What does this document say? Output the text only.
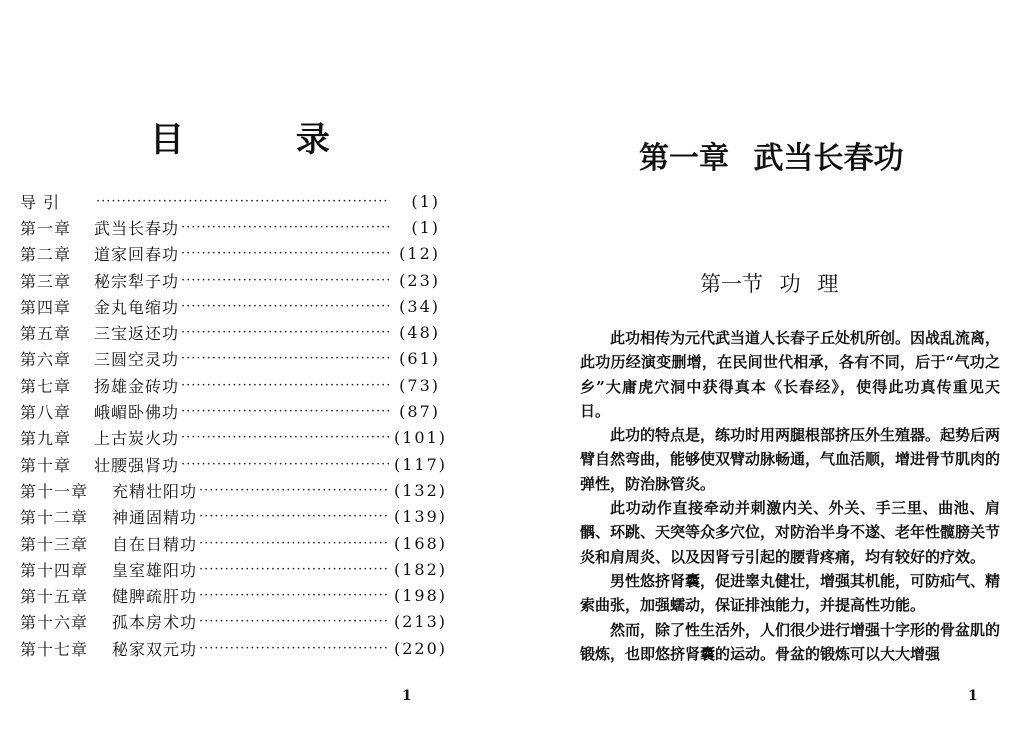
目 录
导 引 ·····	(1)
第一章	武当长春功 ·····	(1)
第二章	道家回春功 ·····	(12)
第三章	秘宗犁子功 ·····	(23)
第四章	金丸龟缩功 ·····	(34)
第五章	三宝返还功 ·····	(48)
第六章	三圆空灵功 ·····	(61)
第七章	扬雄金砖功 ·····	(73)
第八章	峨嵋卧佛功 ·····	(87)
第九章	上古炭火功 ·····	(101)
第十章	壮腰强肾功 ·····	(117)
第十一章	充精壮阳功 ·····	(132)
第十二章	神通固精功 ·····	(139)
第十三章	自在日精功 ·····	(168)
第十四章	皇室雄阳功 ·····	(182)
第十五章	健脾疏肝功 ·····	(198)
第十六章	孤本房术功 ·····	(213)
第十七章	秘家双元功 ·····	(220)
1
第一章 武当长春功
第一节 功 理

此功相传为元代武当道人长春子丘处机所创。因战乱流离，此功历经演变删增，在民间世代相承，各有不同，后于“气功之乡”大庸虎穴洞中获得真本《长春经》，使得此功真传重见天日。

此功的特点是，练功时用两腿根部挤压外生殖器。起势后两臂自然弯曲，能够使双臂动脉畅通，气血活顺，增进骨节肌肉的弹性，防治脉管炎。

此功动作直接牵动并刺激内关、外关、手三里、曲池、肩髃、环跳、天突等众多穴位，对防治半身不遂、老年性髋膀关节炎和肩周炎、以及因肾亏引起的腰背疼痛，均有较好的疗效。

男性悠挤肾囊，促进睾丸健壮，增强其机能，可防疝气、精索曲张，加强蠕动，保证排浊能力，并提高性功能。

然而，除了性生活外，人们很少进行增强十字形的骨盆肌的锻炼，也即悠挤肾囊的运动。骨盆的锻炼可以大大增强

1
